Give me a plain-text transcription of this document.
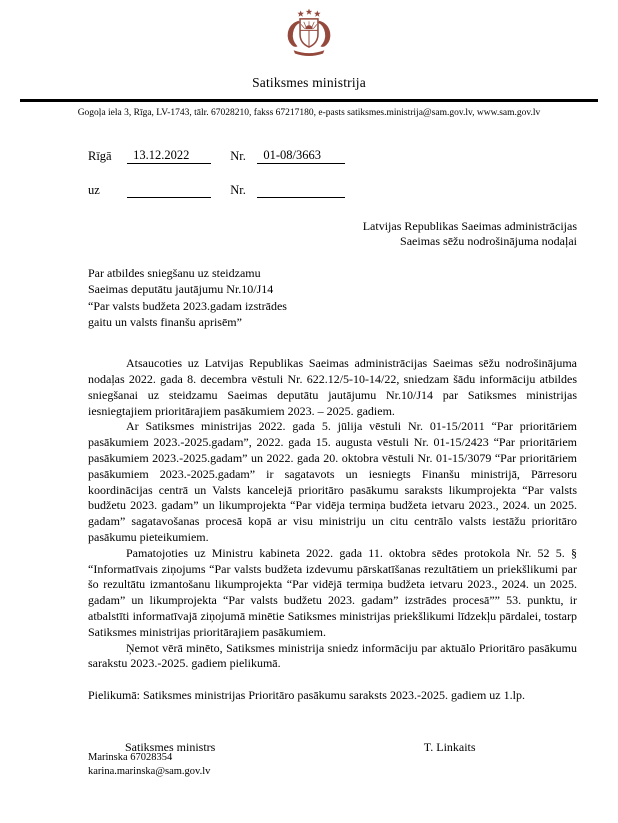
Satiksmes ministrija
Gogoļa iela 3, Rīga, LV-1743, tālr. 67028210, fakss 67217180, e-pasts satiksmes.ministrija@sam.gov.lv, www.sam.gov.lv
Rīgā 13.12.2022	Nr. 01-08/3663
uz	Nr.
Latvijas Republikas Saeimas administrācijas
Saeimas sēžu nodrošinājuma nodaļai
Par atbildes sniegšanu uz steidzamu
Saeimas deputātu jautājumu Nr.10/J14
“Par valsts budžeta 2023.gadam izstrādes
gaitu un valsts finanšu aprisēm”

Atsaucoties uz Latvijas Republikas Saeimas administrācijas Saeimas sēžu nodrošinājuma nodaļas 2022. gada 8. decembra vēstuli Nr. 622.12/5-10-14/22, sniedzam šādu informāciju atbildes sniegšanai uz steidzamu Saeimas deputātu jautājumu Nr.10/J14 par Satiksmes ministrijas iesniegtajiem prioritārajiem pasākumiem 2023. – 2025. gadiem.

Ar Satiksmes ministrijas 2022. gada 5. jūlija vēstuli Nr. 01-15/2011 “Par prioritāriem pasākumiem 2023.-2025.gadam”, 2022. gada 15. augusta vēstuli Nr. 01-15/2423 “Par prioritāriem pasākumiem 2023.-2025.gadam” un 2022. gada 20. oktobra vēstuli Nr. 01-15/3079 “Par prioritāriem pasākumiem 2023.-2025.gadam” ir sagatavots un iesniegts Finanšu ministrijā, Pārresoru koordinācijas centrā un Valsts kancelejā prioritāro pasākumu saraksts likumprojekta “Par valsts budžetu 2023. gadam” un likumprojekta “Par vidēja termiņa budžeta ietvaru 2023., 2024. un 2025. gadam” sagatavošanas procesā kopā ar visu ministriju un citu centrālo valsts iestāžu prioritāro pasākumu pieteikumiem.

Pamatojoties uz Ministru kabineta 2022. gada 11. oktobra sēdes protokola Nr. 52 5. § “Informatīvais ziņojums “Par valsts budžeta izdevumu pārskatīšanas rezultātiem un priekšlikumi par šo rezultātu izmantošanu likumprojekta “Par vidējā termiņa budžeta ietvaru 2023., 2024. un 2025. gadam” un likumprojekta “Par valsts budžetu 2023. gadam” izstrādes procesā”” 53. punktu, ir atbalstīti informatīvajā ziņojumā minētie Satiksmes ministrijas priekšlikumi līdzekļu pārdalei, tostarp Satiksmes ministrijas prioritārajiem pasākumiem.

Ņemot vērā minēto, Satiksmes ministrija sniedz informāciju par aktuālo Prioritāro pasākumu sarakstu 2023.-2025. gadiem pielikumā.

Pielikumā: Satiksmes ministrijas Prioritāro pasākumu saraksts 2023.-2025. gadiem uz 1.lp.

Satiksmes ministrs	T. Linkaits
Marinska 67028354
karina.marinska@sam.gov.lv
